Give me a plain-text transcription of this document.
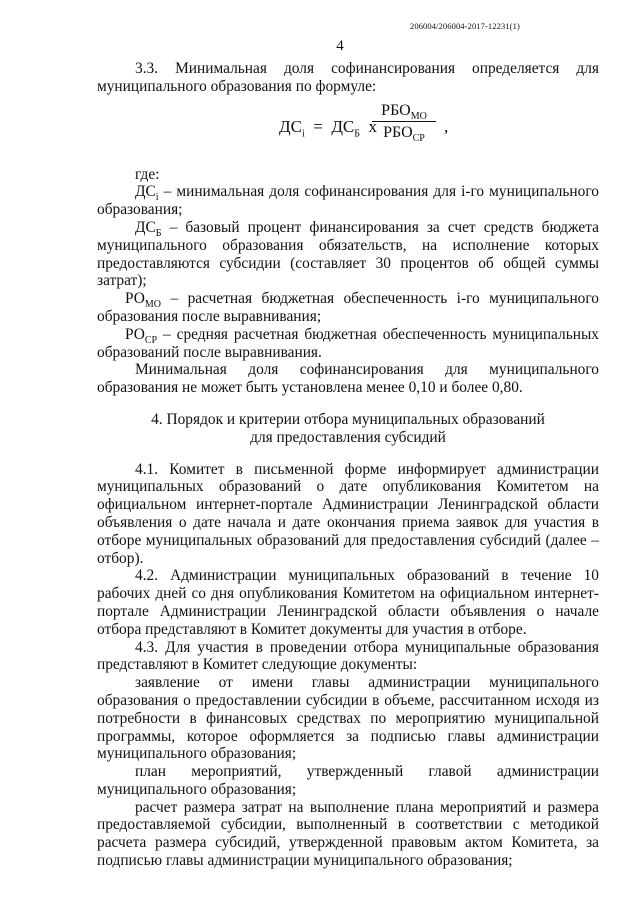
206004/206004-2017-12231(1)
4

3.3. Минимальная доля софинансирования определяется для муниципального образования по формуле:

$ДС_i = ДС_Б$ х
$РБО_{МО}$
$РБО_{СР}$
,

где:

$ДС_i$ – минимальная доля софинансирования для i-го муниципального образования;

$ДС_Б$ – базовый процент финансирования за счет средств бюджета муниципального образования обязательств, на исполнение которых предоставляются субсидии (составляет 30 процентов об общей суммы затрат);

$РО_{МО}$ – расчетная бюджетная обеспеченность i-го муниципального образования после выравнивания;

$РО_{СР}$ – средняя расчетная бюджетная обеспеченность муниципальных образований после выравнивания.

Минимальная доля софинансирования для муниципального образования не может быть установлена менее 0,10 и более 0,80.

4. Порядок и критерии отбора муниципальных образований
для предоставления субсидий

4.1. Комитет в письменной форме информирует администрации муниципальных образований о дате опубликования Комитетом на официальном интернет-портале Администрации Ленинградской области объявления о дате начала и дате окончания приема заявок для участия в отборе муниципальных образований для предоставления субсидий (далее – отбор).

4.2. Администрации муниципальных образований в течение 10 рабочих дней со дня опубликования Комитетом на официальном интернет-портале Администрации Ленинградской области объявления о начале отбора представляют в Комитет документы для участия в отборе.

4.3. Для участия в проведении отбора муниципальные образования представляют в Комитет следующие документы:

заявление от имени главы администрации муниципального образования о предоставлении субсидии в объеме, рассчитанном исходя из потребности в финансовых средствах по мероприятию муниципальной программы, которое оформляется за подписью главы администрации муниципального образования;

план мероприятий, утвержденный главой администрации муниципального образования;

расчет размера затрат на выполнение плана мероприятий и размера предоставляемой субсидии, выполненный в соответствии с методикой расчета размера субсидий, утвержденной правовым актом Комитета, за подписью главы администрации муниципального образования;
